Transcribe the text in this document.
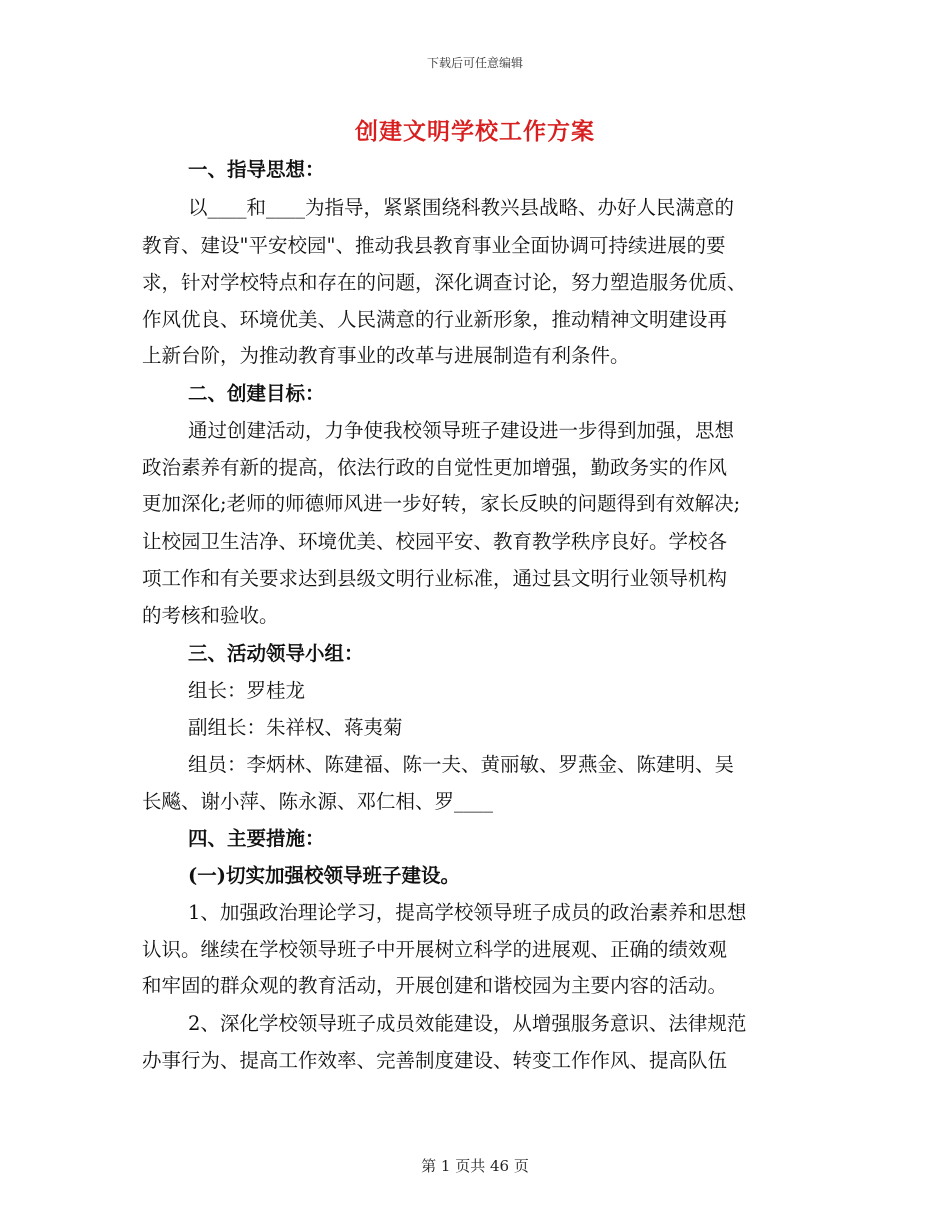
下载后可任意编辑
创建文明学校工作方案
一、指导思想：
以____和____为指导，紧紧围绕科教兴县战略、办好人民满意的
教育、建设"平安校园"、推动我县教育事业全面协调可持续进展的要
求，针对学校特点和存在的问题，深化调查讨论，努力塑造服务优质、
作风优良、环境优美、人民满意的行业新形象，推动精神文明建设再
上新台阶，为推动教育事业的改革与进展制造有利条件。
二、创建目标：
通过创建活动，力争使我校领导班子建设进一步得到加强，思想
政治素养有新的提高，依法行政的自觉性更加增强，勤政务实的作风
更加深化;老师的师德师风进一步好转，家长反映的问题得到有效解决;
让校园卫生洁净、环境优美、校园平安、教育教学秩序良好。学校各
项工作和有关要求达到县级文明行业标准，通过县文明行业领导机构
的考核和验收。
三、活动领导小组：
组长：罗桂龙
副组长：朱祥权、蒋夷菊
组员：李炳林、陈建福、陈一夫、黄丽敏、罗燕金、陈建明、吴
长飚、谢小萍、陈永源、邓仁相、罗____
四、主要措施：
(一)切实加强校领导班子建设。
1、加强政治理论学习，提高学校领导班子成员的政治素养和思想
认识。继续在学校领导班子中开展树立科学的进展观、正确的绩效观
和牢固的群众观的教育活动，开展创建和谐校园为主要内容的活动。
2、深化学校领导班子成员效能建设，从增强服务意识、法律规范
办事行为、提高工作效率、完善制度建设、转变工作作风、提高队伍
第 1 页共 46 页
